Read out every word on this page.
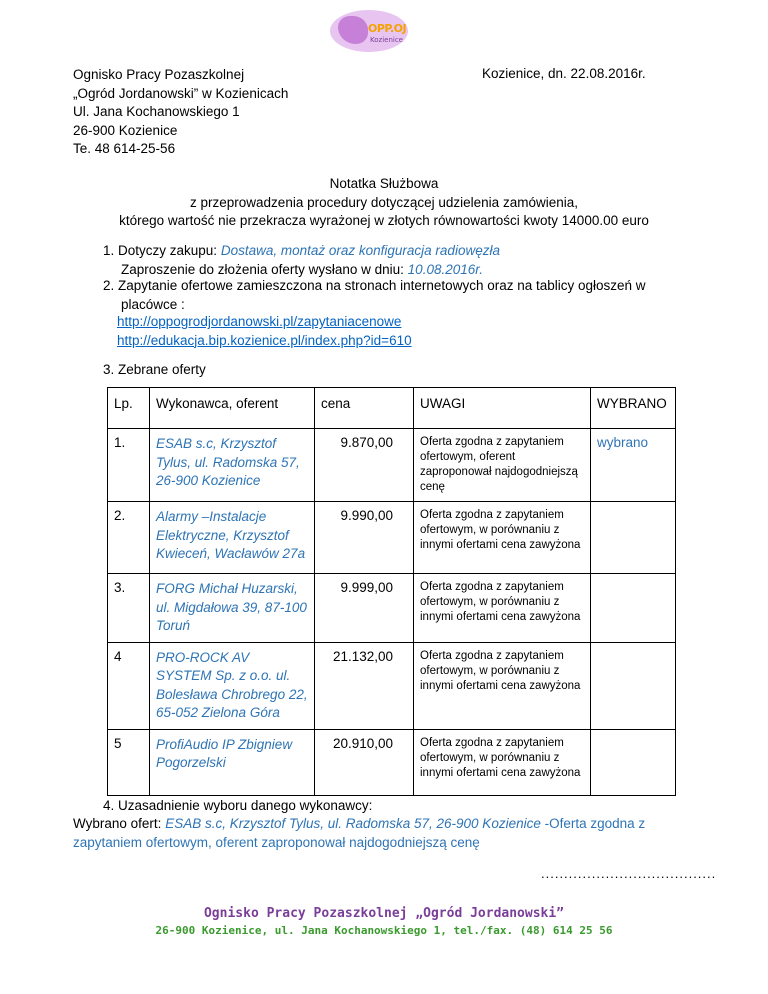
OPP.OJ
Kozienice
Ognisko Pracy Pozaszkolnej
„Ogród Jordanowski” w Kozienicach
Ul. Jana Kochanowskiego 1
26-900 Kozienice
Te. 48 614-25-56
Kozienice, dn. 22.08.2016r.
Notatka Służbowa
z przeprowadzenia procedury dotyczącej udzielenia zamówienia,
którego wartość nie przekracza wyrażonej w złotych równowartości kwoty 14000.00 euro
1. Dotyczy zakupu: Dostawa, montaż oraz konfiguracja radiowęzła
Zaproszenie do złożenia oferty wysłano w dniu: 10.08.2016r.
2. Zapytanie ofertowe zamieszczona na stronach internetowych oraz na tablicy ogłoszeń w
placówce :
http://oppogrodjordanowski.pl/zapytaniacenowe
http://edukacja.bip.kozienice.pl/index.php?id=610
3. Zebrane oferty
Lp.	Wykonawca, oferent	cena	UWAGI	WYBRANO
1.	ESAB s.c, Krzysztof Tylus, ul. Radomska 57, 26-900 Kozienice	9.870,00	Oferta zgodna z zapytaniem ofertowym, oferent zaproponował najdogodniejszą cenę	wybrano
2.	Alarmy –Instalacje Elektryczne, Krzysztof Kwieceń, Wacławów 27a	9.990,00	Oferta zgodna z zapytaniem ofertowym, w porównaniu z innymi ofertami cena zawyżona	
3.	FORG Michał Huzarski, ul. Migdałowa 39, 87-100 Toruń	9.999,00	Oferta zgodna z zapytaniem ofertowym, w porównaniu z innymi ofertami cena zawyżona	
4	PRO-ROCK AV SYSTEM Sp. z o.o. ul. Bolesława Chrobrego 22, 65-052 Zielona Góra	21.132,00	Oferta zgodna z zapytaniem ofertowym, w porównaniu z innymi ofertami cena zawyżona	
5	ProfiAudio IP Zbigniew Pogorzelski	20.910,00	Oferta zgodna z zapytaniem ofertowym, w porównaniu z innymi ofertami cena zawyżona	
4. Uzasadnienie wyboru danego wykonawcy:
Wybrano ofert: ESAB s.c, Krzysztof Tylus, ul. Radomska 57, 26-900 Kozienice -Oferta zgodna z zapytaniem ofertowym, oferent zaproponował najdogodniejszą cenę
......................................
Ognisko Pracy Pozaszkolnej „Ogród Jordanowski”
26-900 Kozienice, ul. Jana Kochanowskiego 1, tel./fax. (48) 614 25 56
